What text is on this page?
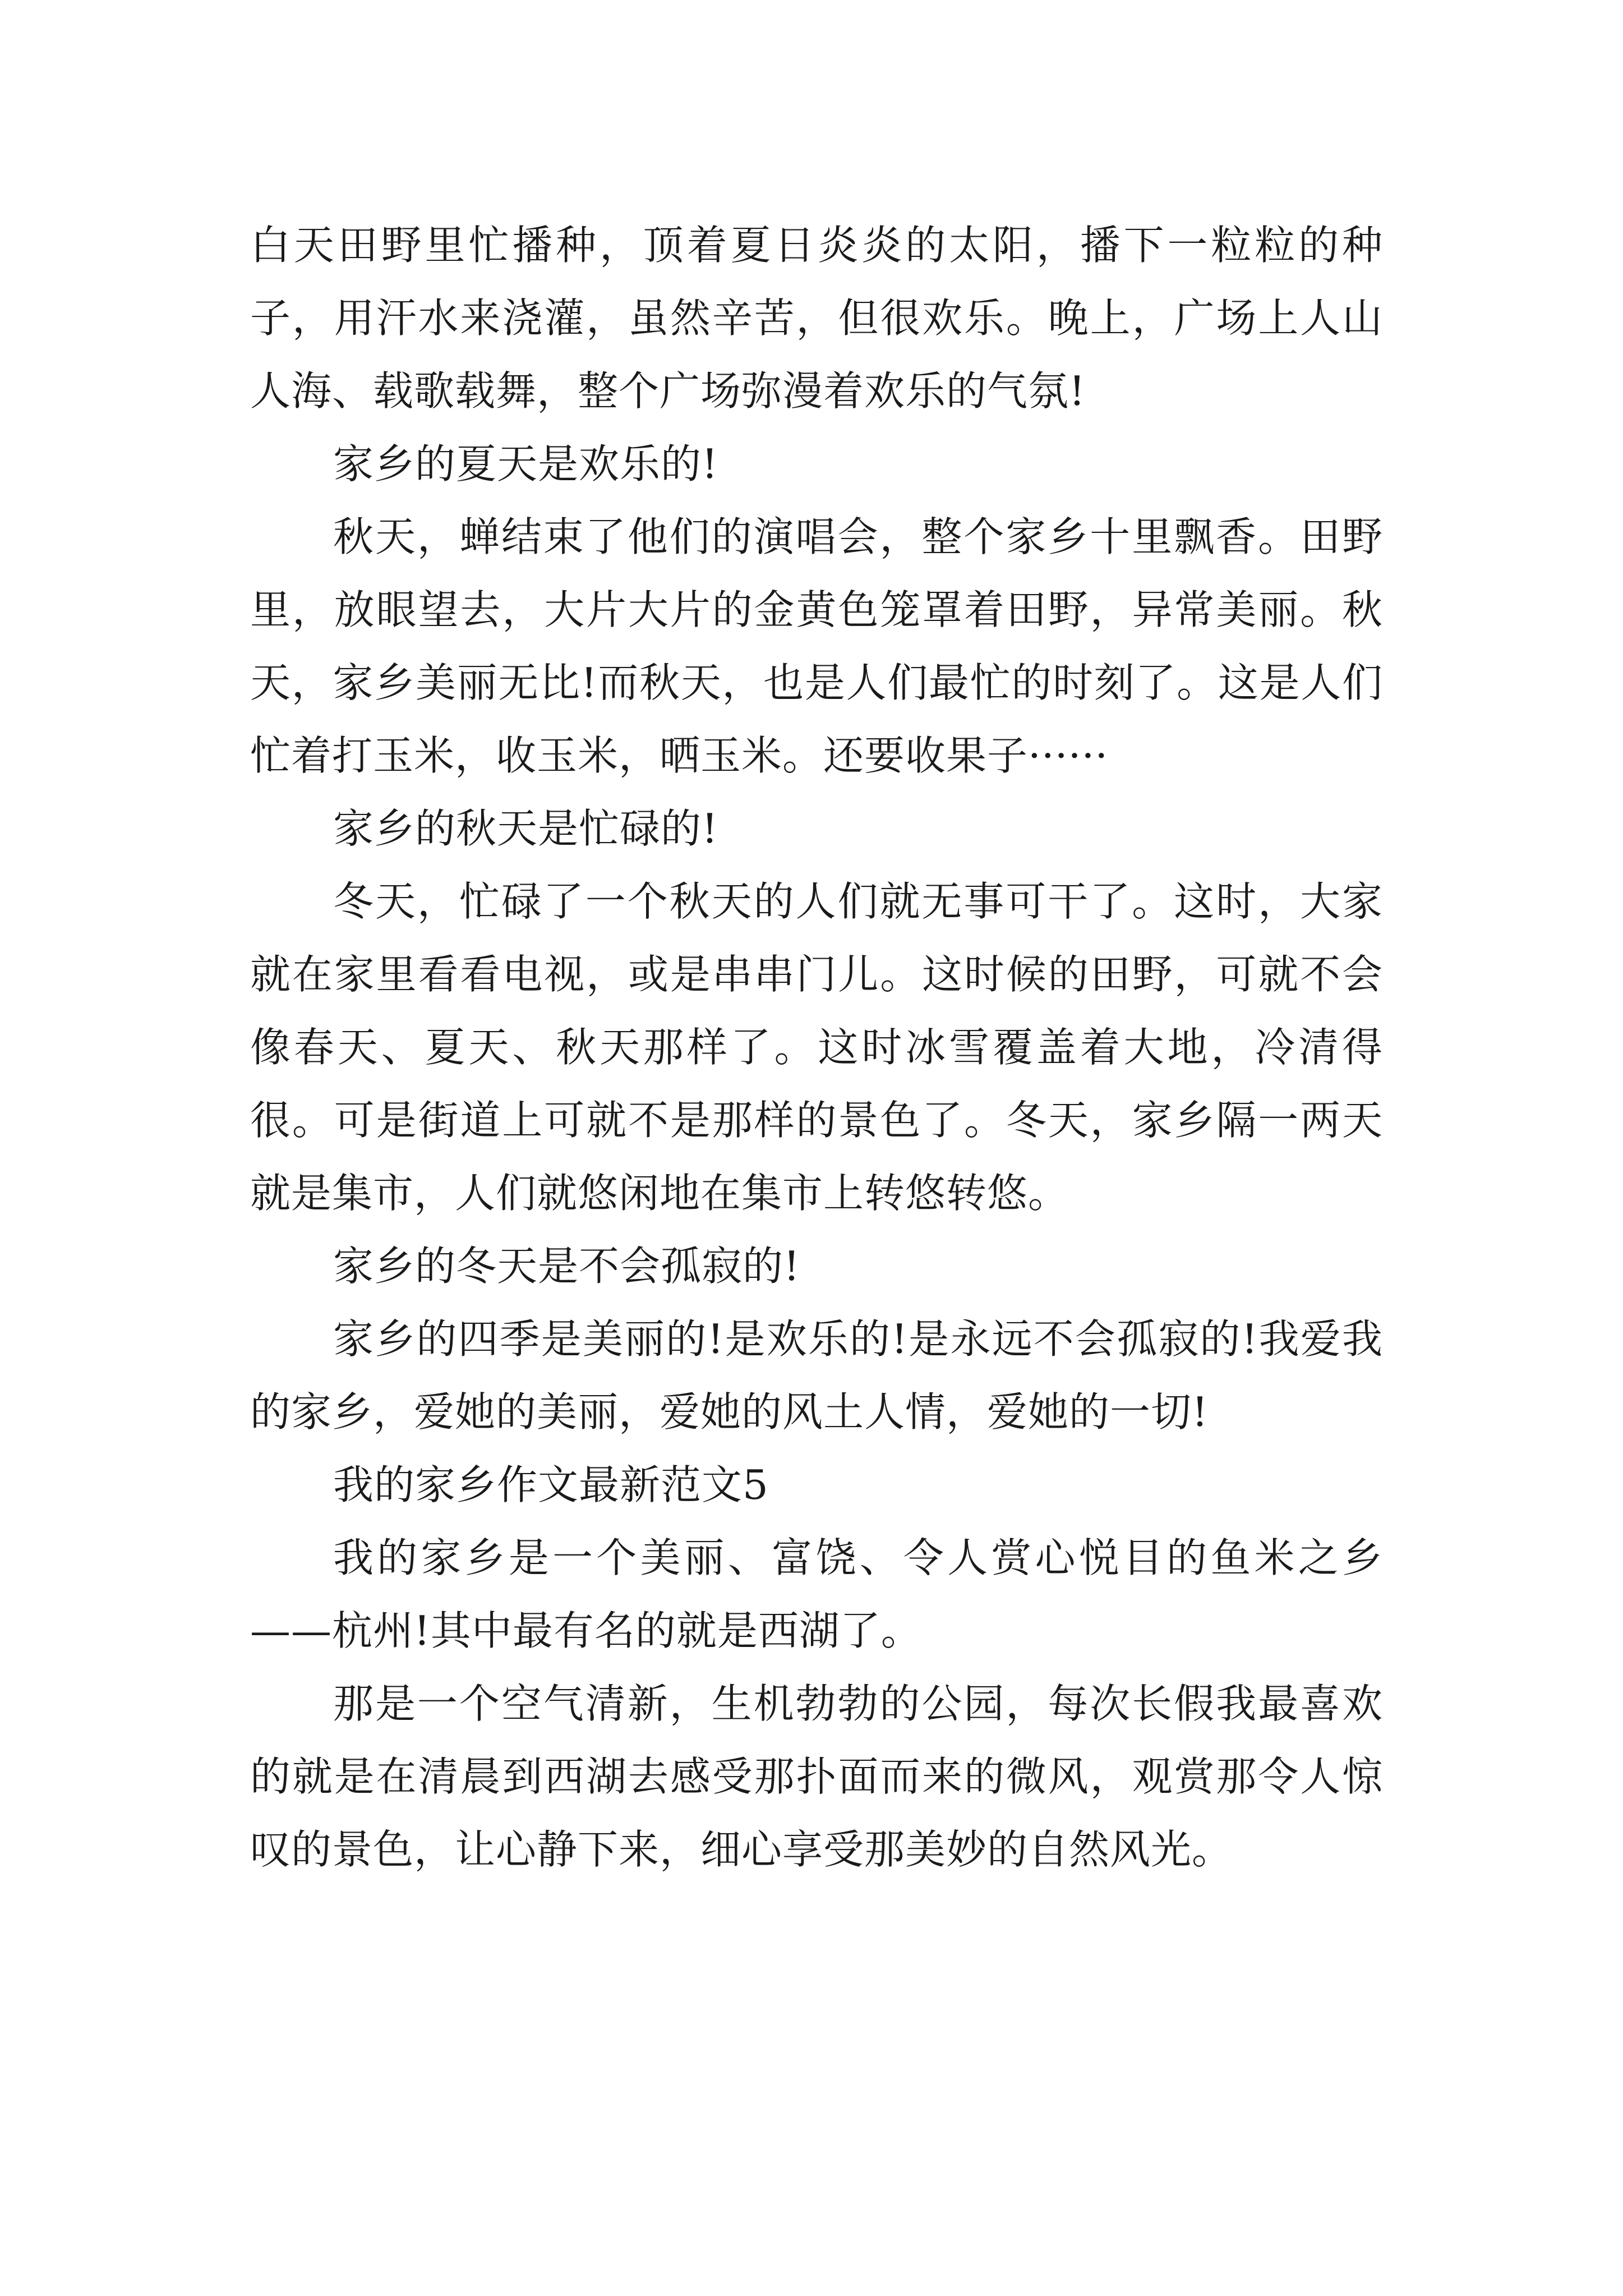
白天田野里忙播种，顶着夏日炎炎的太阳，播下一粒粒的种子，用汗水来浇灌，虽然辛苦，但很欢乐。晚上，广场上人山人海、载歌载舞，整个广场弥漫着欢乐的气氛!

家乡的夏天是欢乐的!

秋天，蝉结束了他们的演唱会，整个家乡十里飘香。田野里，放眼望去，大片大片的金黄色笼罩着田野，异常美丽。秋天，家乡美丽无比!而秋天，也是人们最忙的时刻了。这是人们忙着打玉米，收玉米，晒玉米。还要收果子······

家乡的秋天是忙碌的!

冬天，忙碌了一个秋天的人们就无事可干了。这时，大家就在家里看看电视，或是串串门儿。这时候的田野，可就不会像春天、夏天、秋天那样了。这时冰雪覆盖着大地，冷清得很。可是街道上可就不是那样的景色了。冬天，家乡隔一两天就是集市，人们就悠闲地在集市上转悠转悠。

家乡的冬天是不会孤寂的!

家乡的四季是美丽的!是欢乐的!是永远不会孤寂的!我爱我的家乡，爱她的美丽，爱她的风土人情，爱她的一切!

我的家乡作文最新范文5

我的家乡是一个美丽、富饶、令人赏心悦目的鱼米之乡——杭州!其中最有名的就是西湖了。

那是一个空气清新，生机勃勃的公园，每次长假我最喜欢的就是在清晨到西湖去感受那扑面而来的微风，观赏那令人惊叹的景色，让心静下来，细心享受那美妙的自然风光。
